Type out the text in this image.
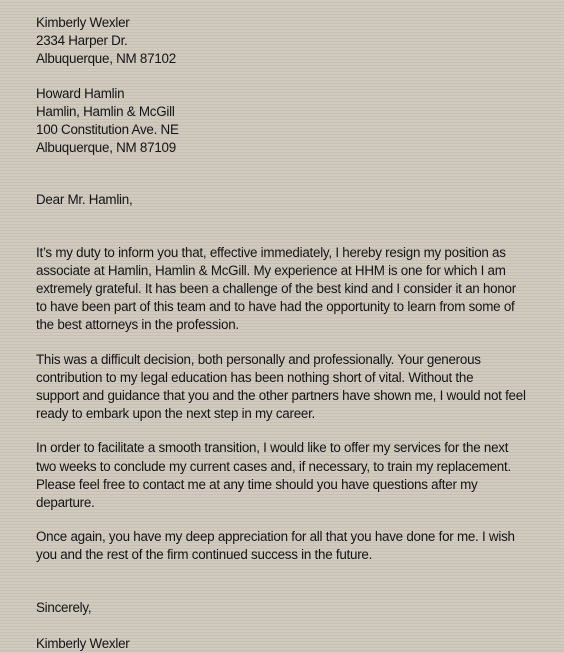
Kimberly Wexler
2334 Harper Dr.
Albuquerque, NM 87102
Howard Hamlin
Hamlin, Hamlin & McGill
100 Constitution Ave. NE
Albuquerque, NM 87109
Dear Mr. Hamlin,
It’s my duty to inform you that, effective immediately, I hereby resign my position as
associate at Hamlin, Hamlin & McGill. My experience at HHM is one for which I am
extremely grateful. It has been a challenge of the best kind and I consider it an honor
to have been part of this team and to have had the opportunity to learn from some of
the best attorneys in the profession.
This was a difficult decision, both personally and professionally. Your generous
contribution to my legal education has been nothing short of vital. Without the
support and guidance that you and the other partners have shown me, I would not feel
ready to embark upon the next step in my career.
In order to facilitate a smooth transition, I would like to offer my services for the next
two weeks to conclude my current cases and, if necessary, to train my replacement.
Please feel free to contact me at any time should you have questions after my
departure.
Once again, you have my deep appreciation for all that you have done for me. I wish
you and the rest of the firm continued success in the future.
Sincerely,
Kimberly Wexler
